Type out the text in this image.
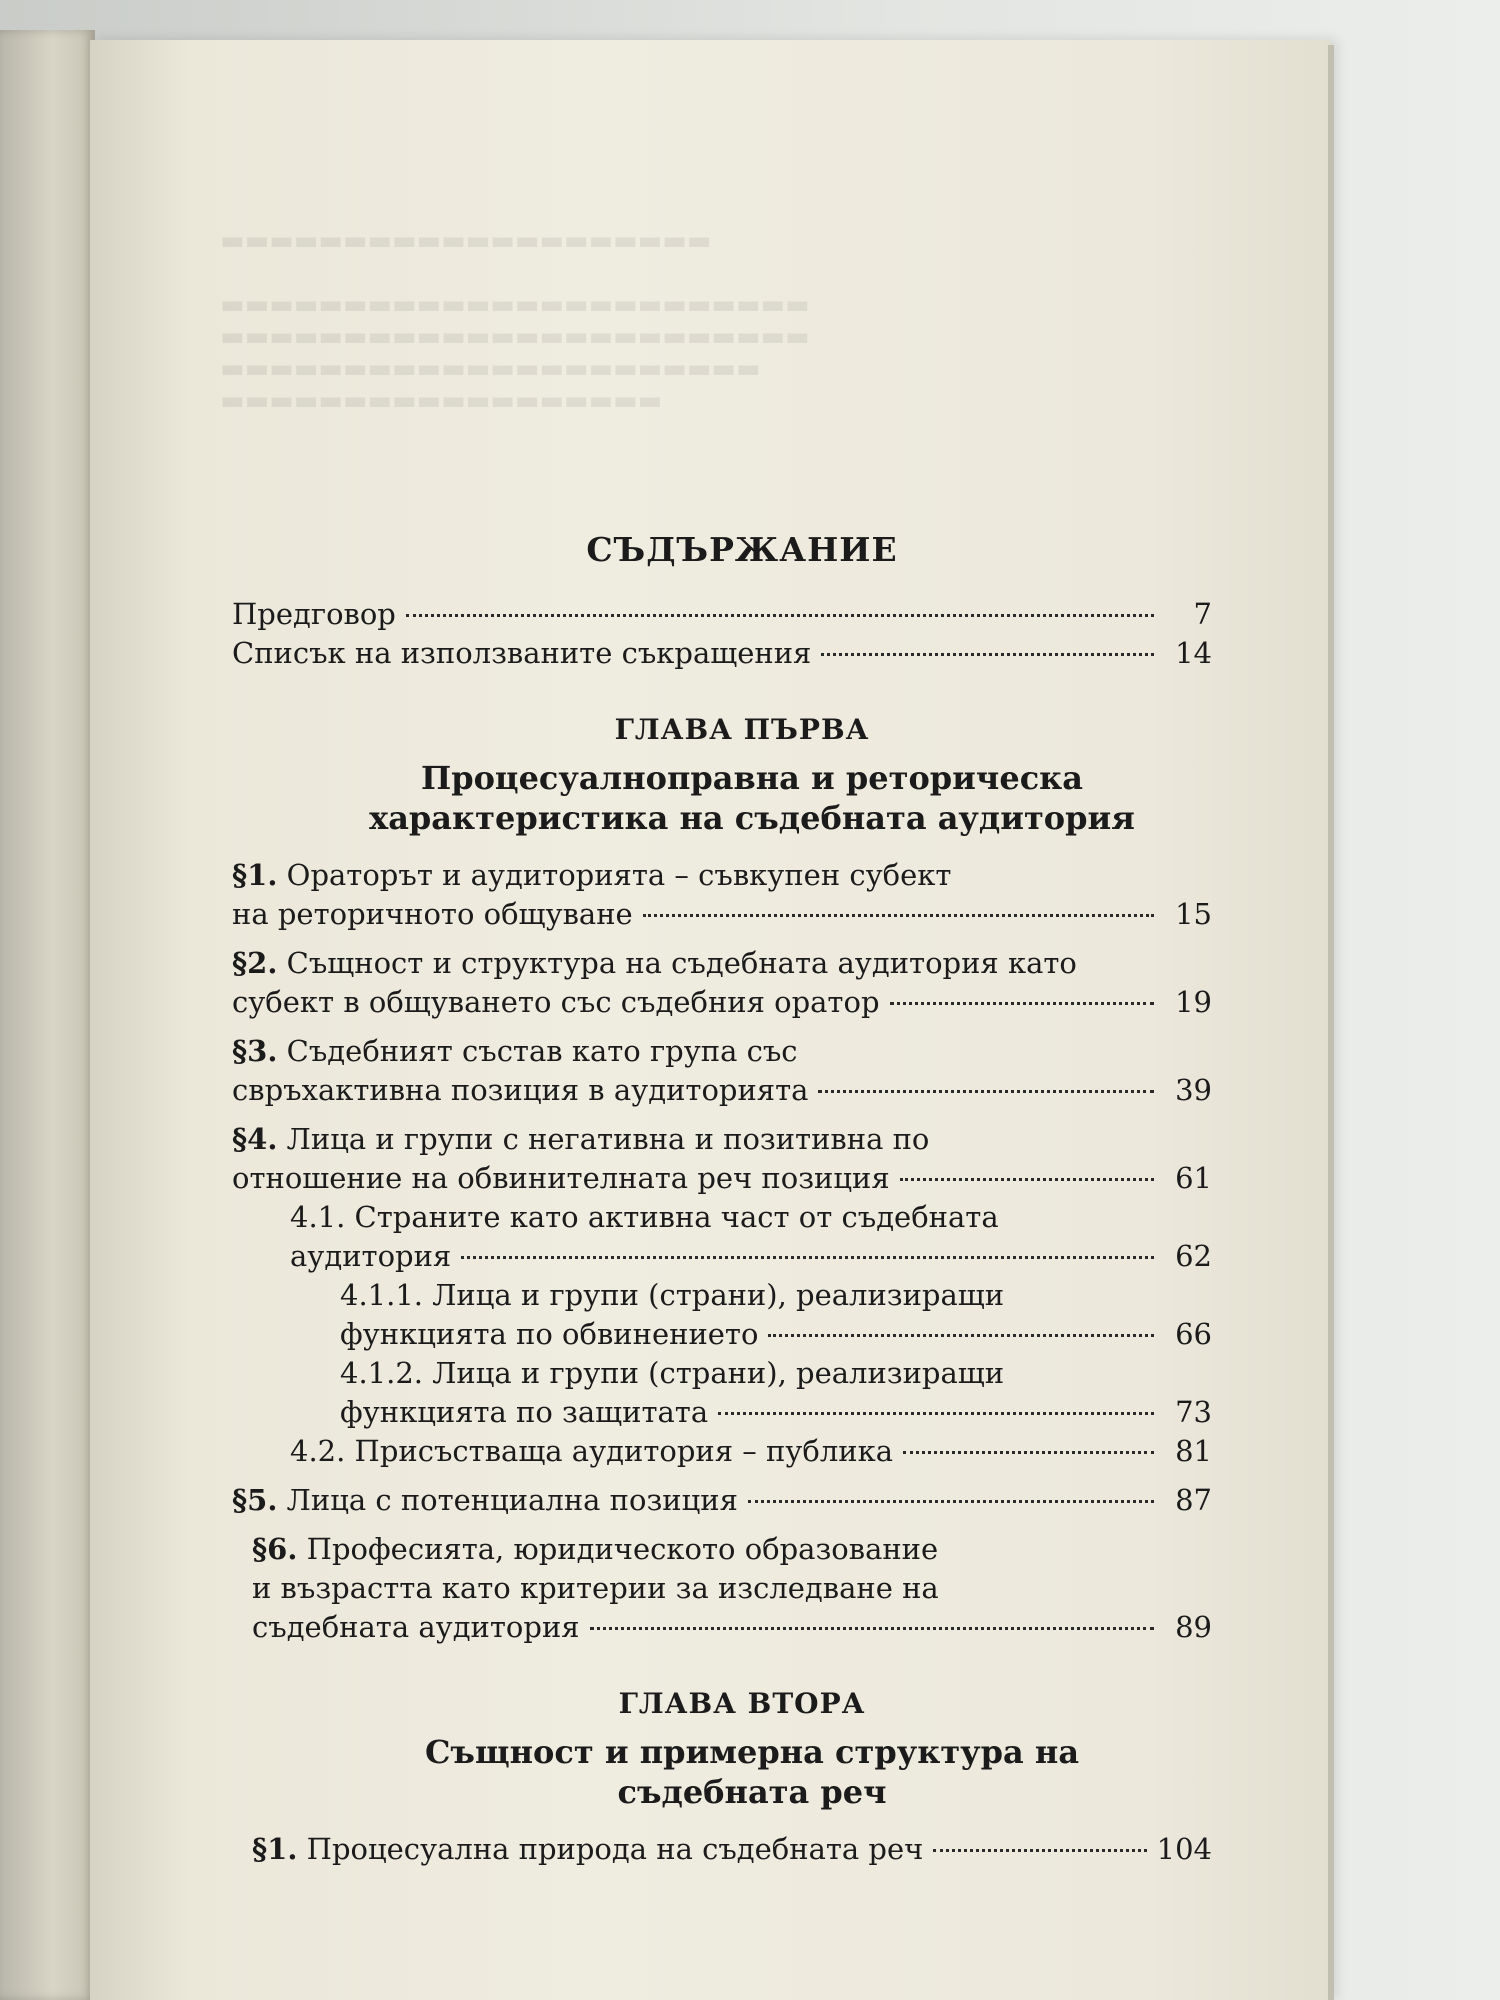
▬▬▬▬▬▬▬▬▬▬▬▬▬▬▬▬▬▬▬▬

▬▬▬▬▬▬▬▬▬▬▬▬▬▬▬▬▬▬▬▬▬▬▬▬
▬▬▬▬▬▬▬▬▬▬▬▬▬▬▬▬▬▬▬▬▬▬▬▬
▬▬▬▬▬▬▬▬▬▬▬▬▬▬▬▬▬▬▬▬▬▬
▬▬▬▬▬▬▬▬▬▬▬▬▬▬▬▬▬▬
СЪДЪРЖАНИЕ
Предговор	7
Списък на използваните съкращения	14
ГЛАВА ПЪРВА
Процесуалноправна и реторическа
характеристика на съдебната аудитория
§1. Ораторът и аудиторията – съвкупен субект
на реторичното общуване	15
§2. Същност и структура на съдебната аудитория като
субект в общуването със съдебния оратор	19
§3. Съдебният състав като група със
свръхактивна позиция в аудиторията	39
§4. Лица и групи с негативна и позитивна по
отношение на обвинителната реч позиция	61
4.1. Страните като активна част от съдебната
аудитория	62
4.1.1. Лица и групи (страни), реализиращи
функцията по обвинението	66
4.1.2. Лица и групи (страни), реализиращи
функцията по защитата	73
4.2. Присъстваща аудитория – публика	81
§5. Лица с потенциална позиция	87
§6. Професията, юридическото образование
и възрастта като критерии за изследване на
съдебната аудитория	89
ГЛАВА ВТОРА
Същност и примерна структура на
съдебната реч
§1. Процесуална природа на съдебната реч	104
